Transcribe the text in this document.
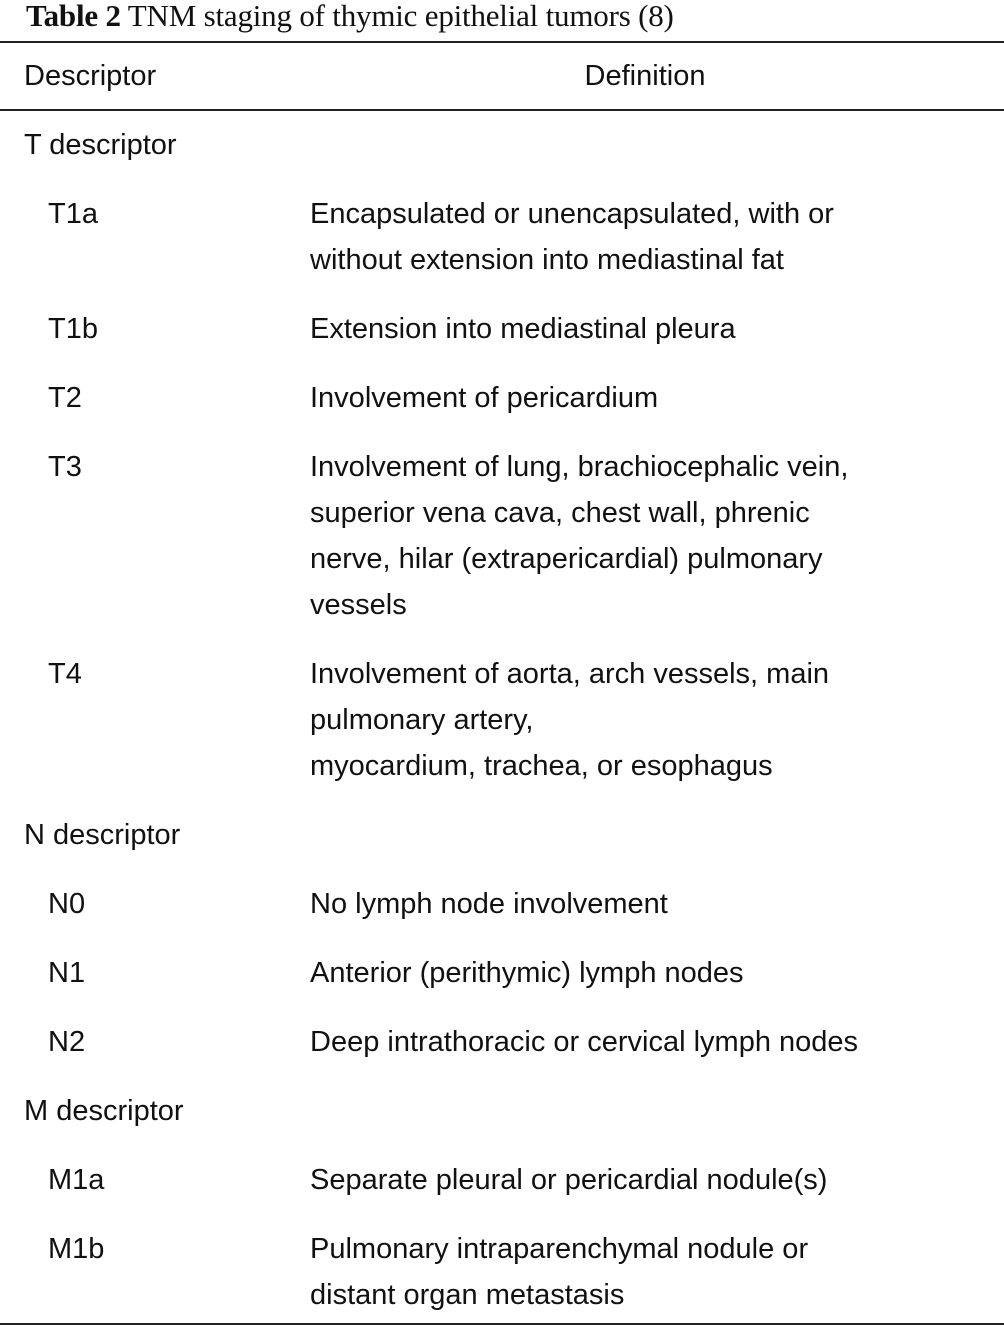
Table 2 TNM staging of thymic epithelial tumors (8)
Descriptor	Definition
T descriptor
T1a	Encapsulated or unencapsulated, with or
without extension into mediastinal fat
T1b	Extension into mediastinal pleura
T2	Involvement of pericardium
T3	Involvement of lung, brachiocephalic vein,
superior vena cava, chest wall, phrenic
nerve, hilar (extrapericardial) pulmonary
vessels
T4	Involvement of aorta, arch vessels, main
pulmonary artery,
myocardium, trachea, or esophagus
N descriptor
N0	No lymph node involvement
N1	Anterior (perithymic) lymph nodes
N2	Deep intrathoracic or cervical lymph nodes
M descriptor
M1a	Separate pleural or pericardial nodule(s)
M1b	Pulmonary intraparenchymal nodule or
distant organ metastasis
